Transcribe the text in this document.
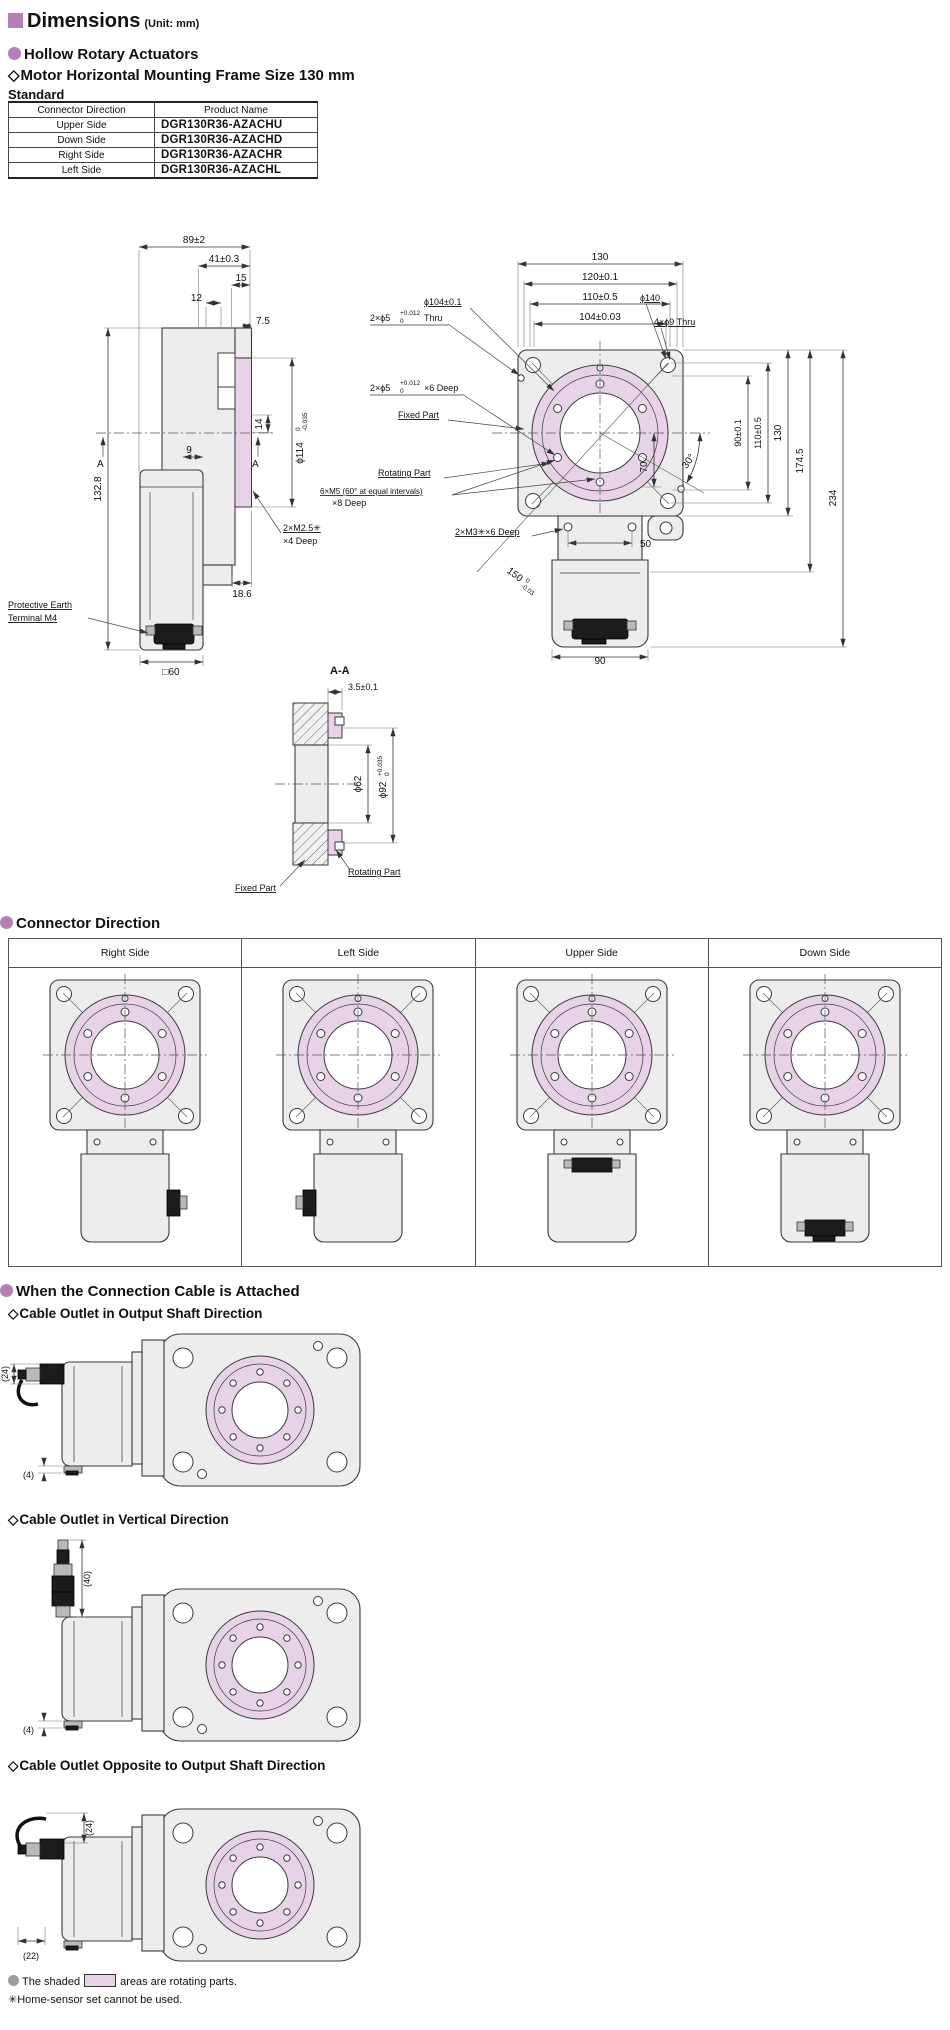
Dimensions (Unit: mm)
Hollow Rotary Actuators
◇Motor Horizontal Mounting Frame Size 130 mm
Standard
Connector Direction	Product Name
Upper Side	DGR130R36-AZACHU
Down Side	DGR130R36-AZACHD
Right Side	DGR130R36-AZACHR
Left Side	DGR130R36-AZACHL
89±2
41±0.3
15
12
7.5
A	A
9
14
ϕ114
0 -0.035
2×M2.5✳
×4 Deep
18.6
132.8
Protective Earth
Terminal M4
□60
130
120±0.1
110±0.5
104±0.03
ϕ104±0.1
2×ϕ5 +0.012
0 Thru
2×ϕ5 +0.012
0 ×6 Deep
Fixed Part
Rotating Part
6×M5 (60° at equal intervals)
×8 Deep
2×M3✳×6 Deep
50
150 0
-0.03
30°
70
90±0.1 110±0.5 130
174.5
234
ϕ140
4×ϕ9 Thru
90
A-A
3.5±0.1
ϕ62 ϕ92
+0.035 0
Rotating Part
Fixed Part
Connector Direction
Right Side	Left Side	Upper Side	Down Side

When the Connection Cable is Attached
◇Cable Outlet in Output Shaft Direction
(24)
(4)
◇Cable Outlet in Vertical Direction
(40)
(4)
◇Cable Outlet Opposite to Output Shaft Direction
(24)
(22)
The shaded	areas are rotating parts.
✳Home-sensor set cannot be used.
